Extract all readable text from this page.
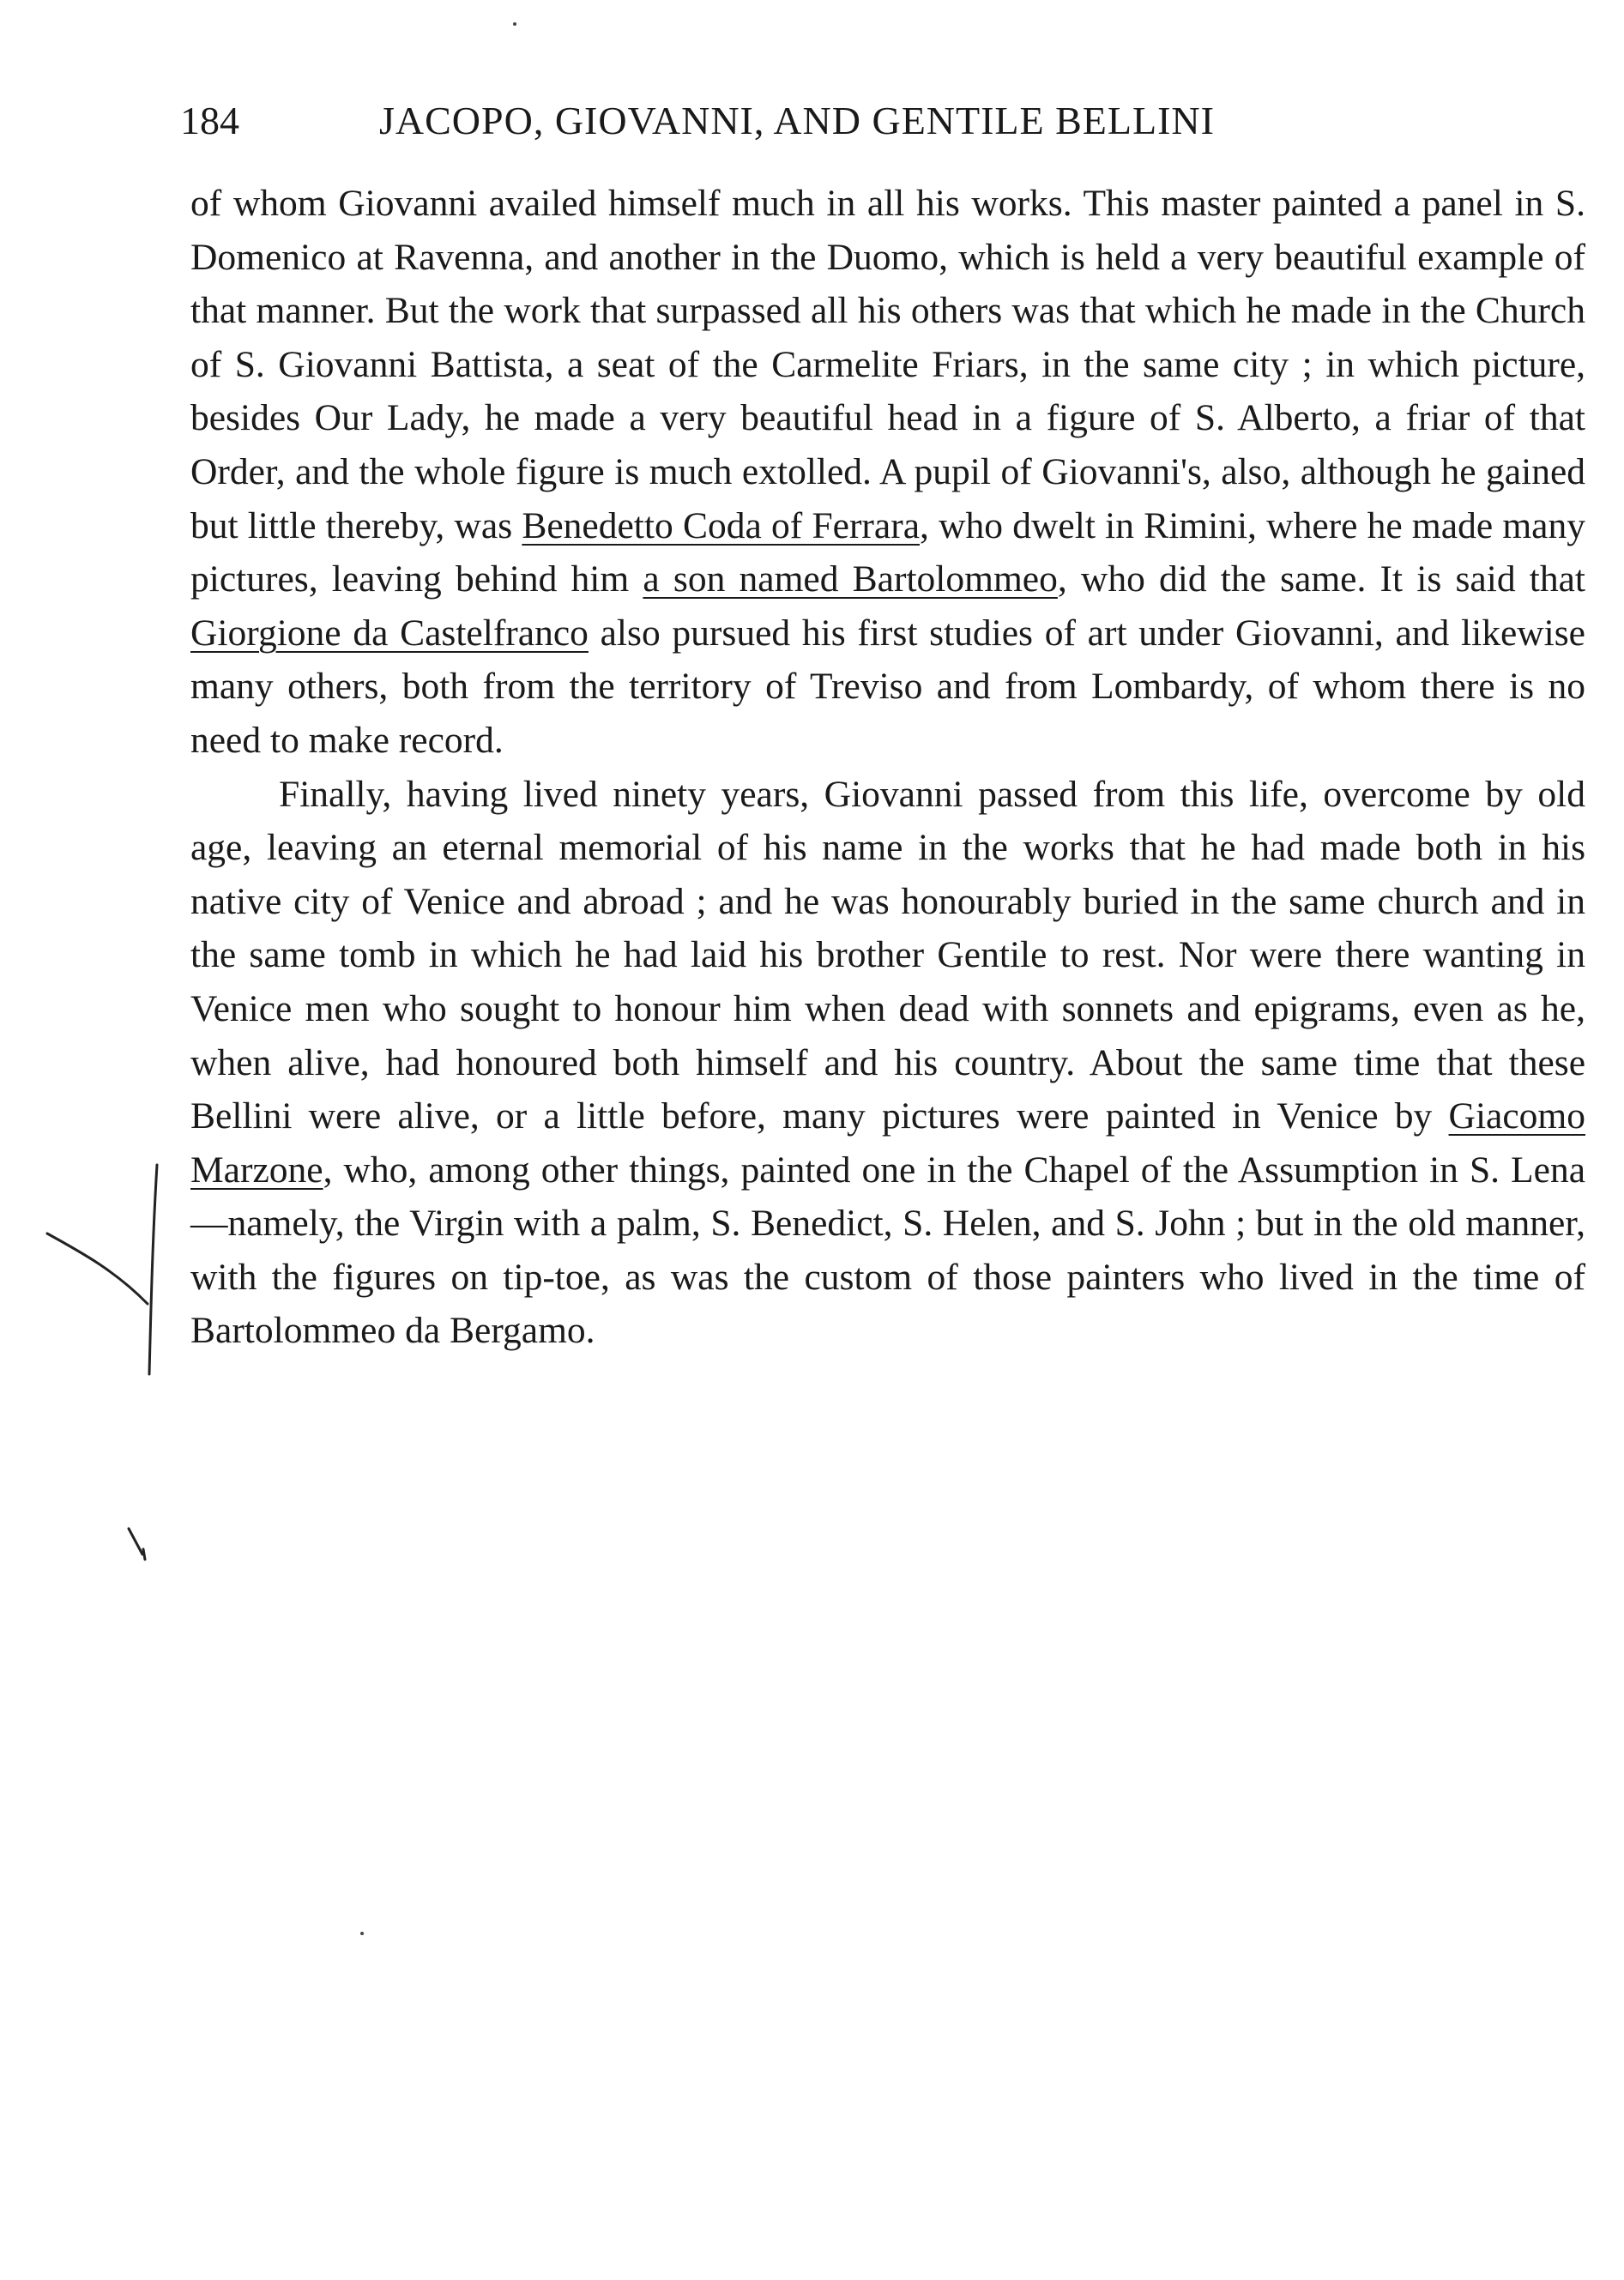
184	JACOPO, GIOVANNI, AND GENTILE BELLINI

of whom Giovanni availed himself much in all his works. This master painted a panel in S. Domenico at Ravenna, and another in the Duomo, which is held a very beautiful example of that manner. But the work that surpassed all his others was that which he made in the Church of S. Giovanni Battista, a seat of the Carmelite Friars, in the same city ; in which picture, besides Our Lady, he made a very beautiful head in a figure of S. Alberto, a friar of that Order, and the whole figure is much extolled. A pupil of Giovanni's, also, although he gained but little thereby, was Benedetto Coda of Ferrara, who dwelt in Rimini, where he made many pictures, leaving behind him a son named Bartolommeo, who did the same. It is said that Giorgione da Castelfranco also pursued his first studies of art under Giovanni, and likewise many others, both from the territory of Treviso and from Lombardy, of whom there is no need to make record.

Finally, having lived ninety years, Giovanni passed from this life, overcome by old age, leaving an eternal memorial of his name in the works that he had made both in his native city of Venice and abroad ; and he was honourably buried in the same church and in the same tomb in which he had laid his brother Gentile to rest. Nor were there wanting in Venice men who sought to honour him when dead with sonnets and epigrams, even as he, when alive, had honoured both himself and his country. About the same time that these Bellini were alive, or a little before, many pictures were painted in Venice by Giacomo Marzone, who, among other things, painted one in the Chapel of the Assumption in S. Lena—namely, the Virgin with a palm, S. Benedict, S. Helen, and S. John ; but in the old manner, with the figures on tip-toe, as was the custom of those painters who lived in the time of Bartolommeo da Bergamo.
